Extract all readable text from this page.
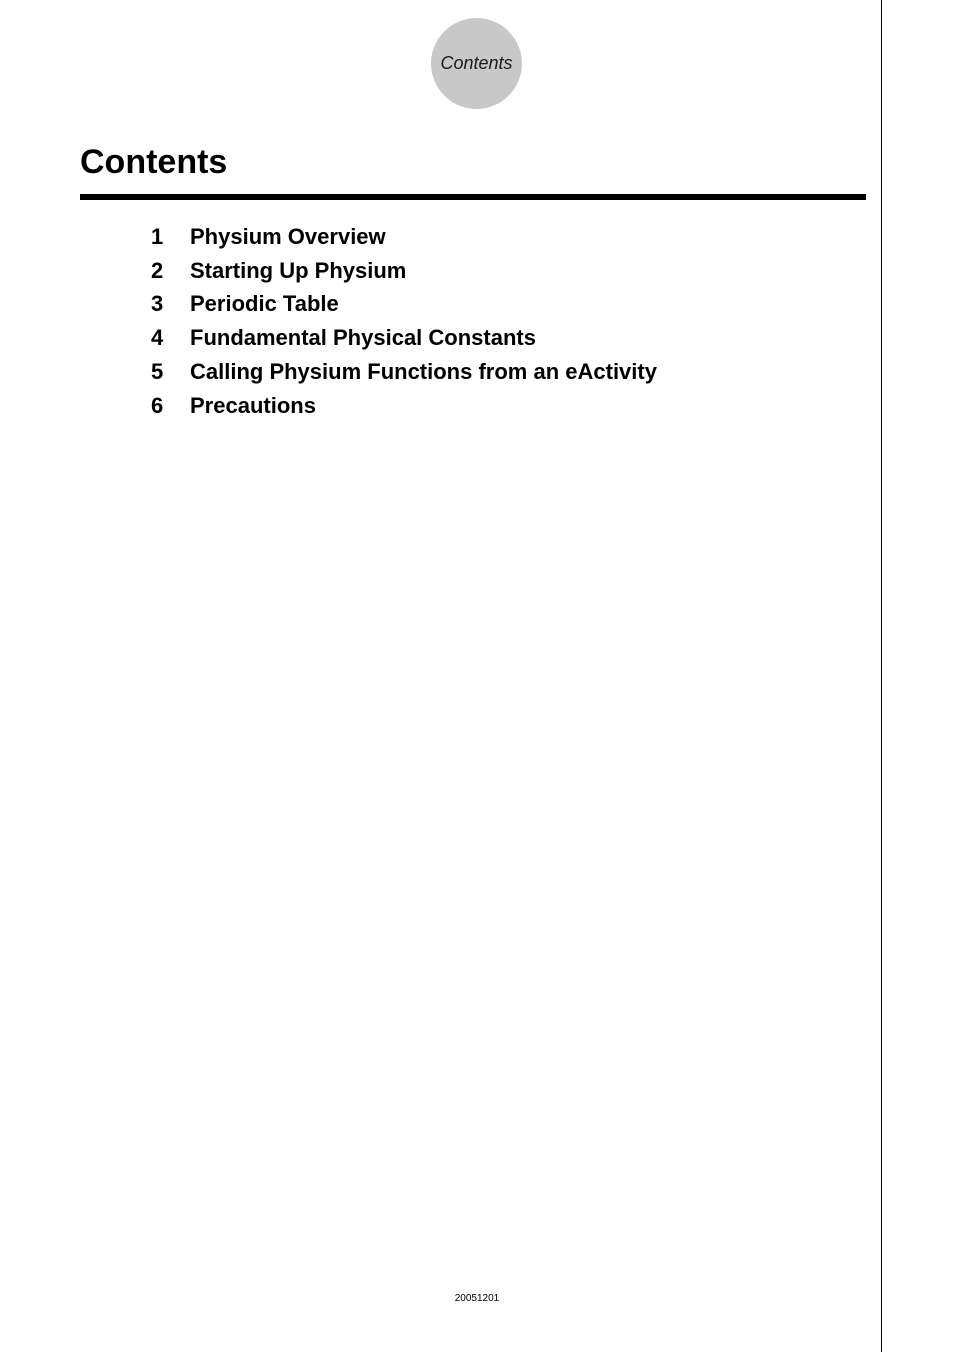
Contents
Contents
1	Physium Overview
2	Starting Up Physium
3	Periodic Table
4	Fundamental Physical Constants
5	Calling Physium Functions from an eActivity
6	Precautions
20051201
